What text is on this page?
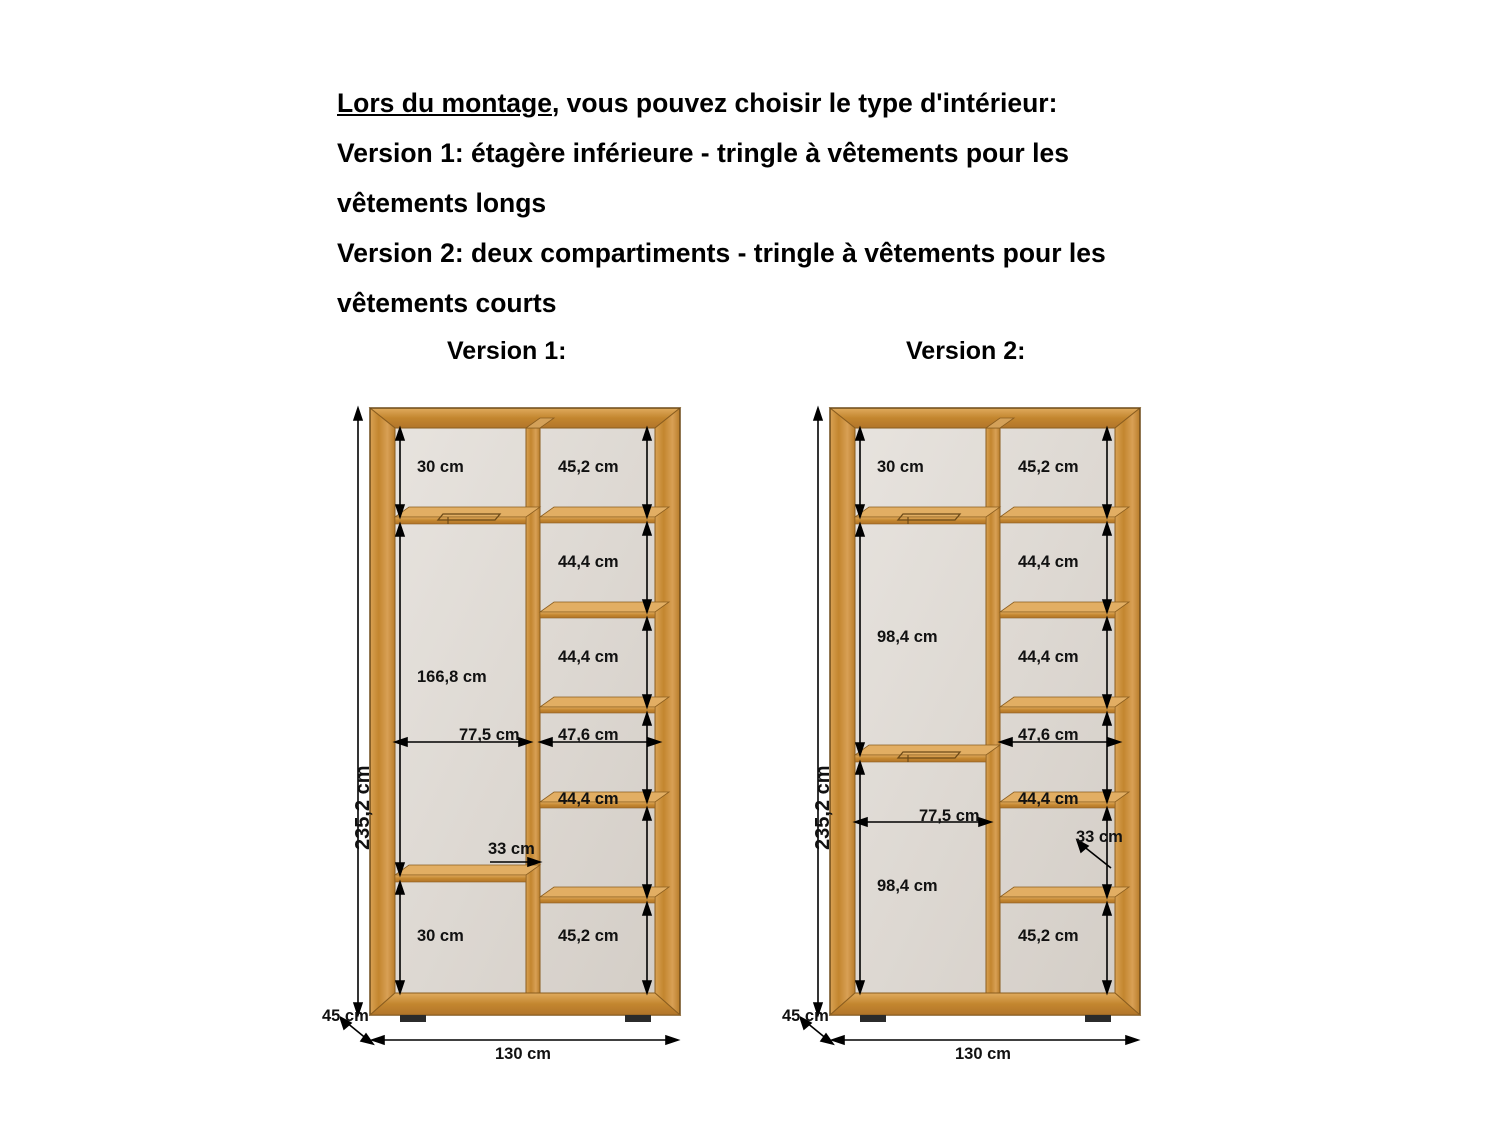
Lors du montage, vous pouvez choisir le type d'intérieur:

Version 1: étagère inférieure - tringle à vêtements pour les vêtements longs

Version 2: deux compartiments - tringle à vêtements pour les vêtements courts

Version 1:	Version 2:
235,2 cm
30 cm
166,8 cm
30 cm
77,5 cm 47,6 cm
45,2 cm
44,4 cm
44,4 cm
44,4 cm
45,2 cm
33 cm
130 cm
45 cm
235,2 cm
30 cm
98,4 cm
98,4 cm
77,5 cm
47,6 cm
45,2 cm
44,4 cm
44,4 cm
44,4 cm
45,2 cm
33 cm
130 cm
45 cm
